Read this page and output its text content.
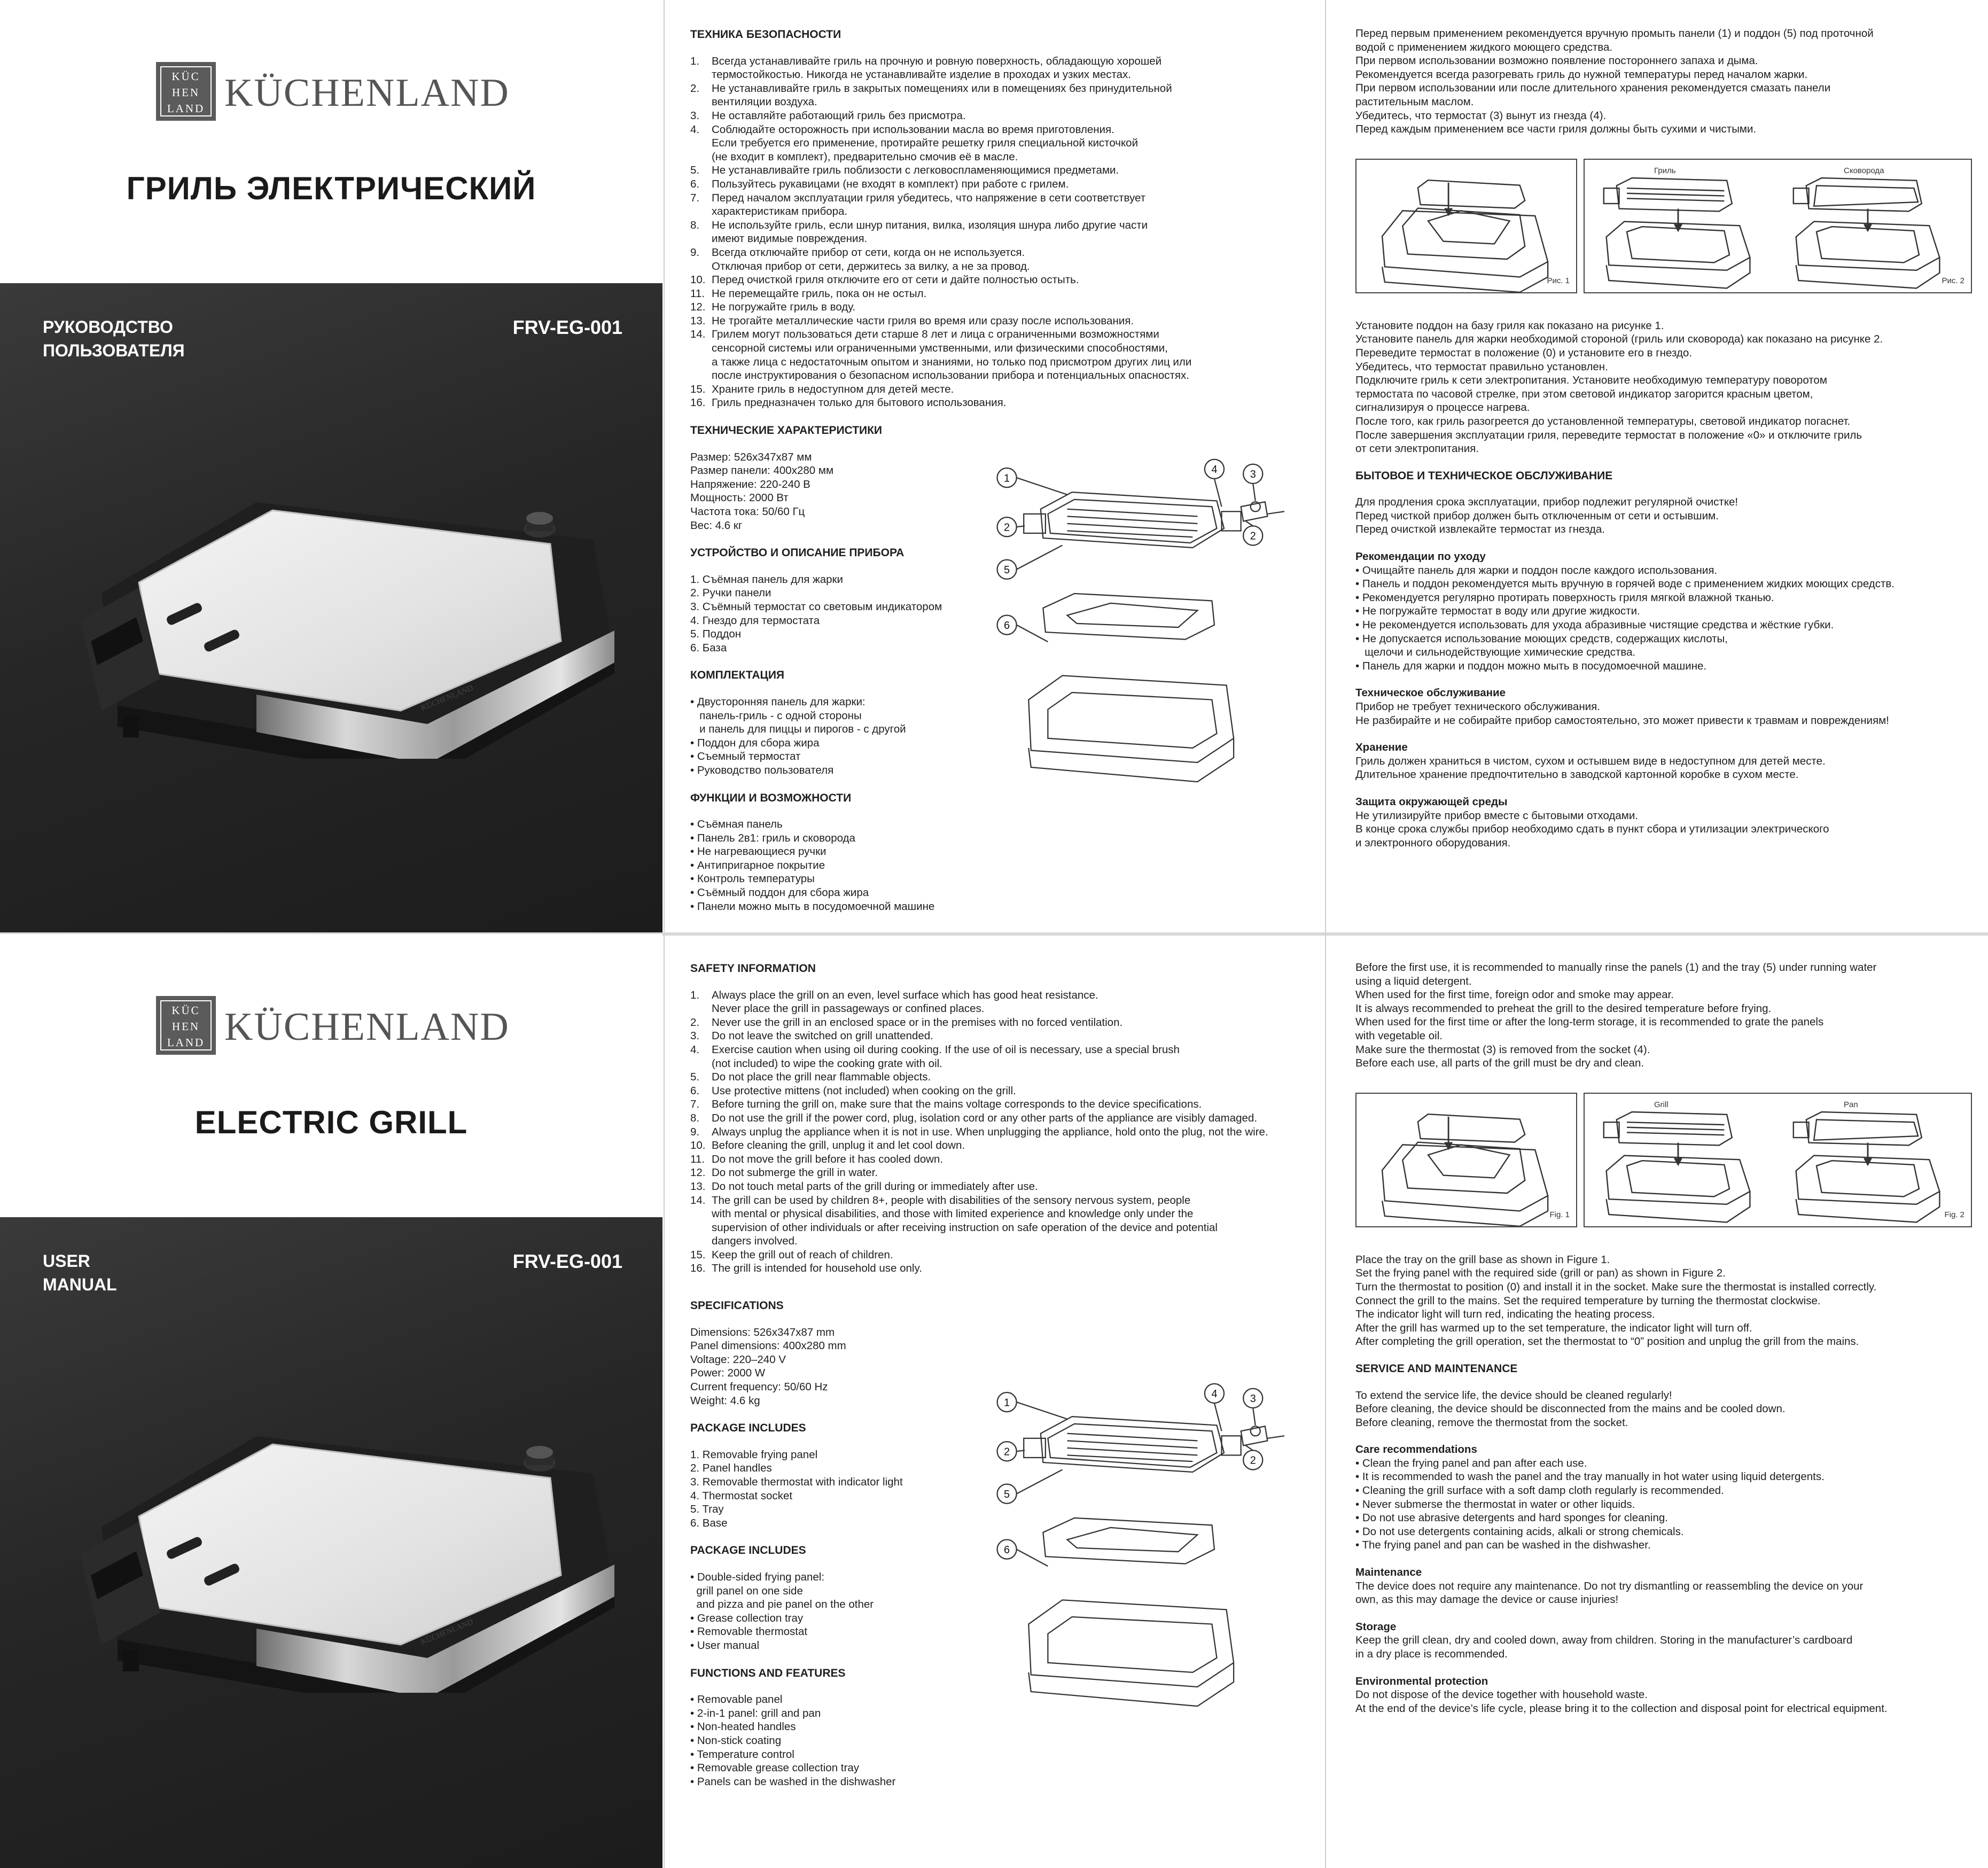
KÜC
HEN
LAND KÜCHENLAND
ГРИЛЬ ЭЛЕКТРИЧЕСКИЙ
РУКОВОДСТВО
ПОЛЬЗОВАТЕЛЯ
FRV-EG-001
KÜCHENLAND
ТЕХНИКА БЕЗОПАСНОСТИ
1. Всегда устанавливайте гриль на прочную и ровную поверхность, обладающую хорошей
термостойкостью. Никогда не устанавливайте изделие в проходах и узких местах.
2. Не устанавливайте гриль в закрытых помещениях или в помещениях без принудительной
вентиляции воздуха.
3. Не оставляйте работающий гриль без присмотра.
4. Соблюдайте осторожность при использовании масла во время приготовления.
Если требуется его применение, протирайте решетку гриля специальной кисточкой
(не входит в комплект), предварительно смочив её в масле.
5. Не устанавливайте гриль поблизости с легковоспламеняющимися предметами.
6. Пользуйтесь рукавицами (не входят в комплект) при работе с грилем.
7. Перед началом эксплуатации гриля убедитесь, что напряжение в сети соответствует
характеристикам прибора.
8. Не используйте гриль, если шнур питания, вилка, изоляция шнура либо другие части
имеют видимые повреждения.
9. Всегда отключайте прибор от сети, когда он не используется.
Отключая прибор от сети, держитесь за вилку, а не за провод.
10. Перед очисткой гриля отключите его от сети и дайте полностью остыть.
11. Не перемещайте гриль, пока он не остыл.
12. Не погружайте гриль в воду.
13. Не трогайте металлические части гриля во время или сразу после использования.
14. Грилем могут пользоваться дети старше 8 лет и лица с ограниченными возможностями
сенсорной системы или ограниченными умственными, или физическими способностями,
а также лица с недостаточным опытом и знаниями, но только под присмотром других лиц или
после инструктирования о безопасном использовании прибора и потенциальных опасностях.
15. Храните гриль в недоступном для детей месте.
16. Гриль предназначен только для бытового использования.
1
2
2
3
4
5
6
ТЕХНИЧЕСКИЕ ХАРАКТЕРИСТИКИ
Размер: 526x347x87 мм
Размер панели: 400x280 мм
Напряжение: 220-240 В
Мощность: 2000 Вт
Частота тока: 50/60 Гц
Вес: 4.6 кг
УСТРОЙСТВО И ОПИСАНИЕ ПРИБОРА
1. Съёмная панель для жарки
2. Ручки панели
3. Съёмный термостат со световым индикатором
4. Гнездо для термостата
5. Поддон
6. База
КОМПЛЕКТАЦИЯ
• Двусторонняя панель для жарки:
панель-гриль - с одной стороны
и панель для пиццы и пирогов - с другой
• Поддон для сбора жира
• Съемный термостат
• Руководство пользователя
ФУНКЦИИ И ВОЗМОЖНОСТИ
• Съёмная панель
• Панель 2в1: гриль и сковорода
• Не нагревающиеся ручки
• Антипригарное покрытие
• Контроль температуры
• Съёмный поддон для сбора жира
• Панели можно мыть в посудомоечной машине
Перед первым применением рекомендуется вручную промыть панели (1) и поддон (5) под проточной
водой с применением жидкого моющего средства.
При первом использовании возможно появление постороннего запаха и дыма.
Рекомендуется всегда разогревать гриль до нужной температуры перед началом жарки.
При первом использовании или после длительного хранения рекомендуется смазать панели
растительным маслом.
Убедитесь, что термостат (3) вынут из гнезда (4).
Перед каждым применением все части гриля должны быть сухими и чистыми.
Рис. 1
Гриль	Сковорода
Рис. 2
Установите поддон на базу гриля как показано на рисунке 1.
Установите панель для жарки необходимой стороной (гриль или сковорода) как показано на рисунке 2.
Переведите термостат в положение (0) и установите его в гнездо.
Убедитесь, что термостат правильно установлен.
Подключите гриль к сети электропитания. Установите необходимую температуру поворотом
термостата по часовой стрелке, при этом световой индикатор загорится красным цветом,
сигнализируя о процессе нагрева.
После того, как гриль разогреется до установленной температуры, световой индикатор погаснет.
После завершения эксплуатации гриля, переведите термостат в положение «0» и отключите гриль
от сети электропитания.
БЫТОВОЕ И ТЕХНИЧЕСКОЕ ОБСЛУЖИВАНИЕ
Для продления срока эксплуатации, прибор подлежит регулярной очистке!
Перед чисткой прибор должен быть отключенным от сети и остывшим.
Перед очисткой извлекайте термостат из гнезда.
Рекомендации по уходу
• Очищайте панель для жарки и поддон после каждого использования.
• Панель и поддон рекомендуется мыть вручную в горячей воде с применением жидких моющих средств.
• Рекомендуется регулярно протирать поверхность гриля мягкой влажной тканью.
• Не погружайте термостат в воду или другие жидкости.
• Не рекомендуется использовать для ухода абразивные чистящие средства и жёсткие губки.
• Не допускается использование моющих средств, содержащих кислоты,
щелочи и сильнодействующие химические средства.
• Панель для жарки и поддон можно мыть в посудомоечной машине.
Техническое обслуживание
Прибор не требует технического обслуживания.
Не разбирайте и не собирайте прибор самостоятельно, это может привести к травмам и повреждениям!
Хранение
Гриль должен храниться в чистом, сухом и остывшем виде в недоступном для детей месте.
Длительное хранение предпочтительно в заводской картонной коробке в сухом месте.
Защита окружающей среды
Не утилизируйте прибор вместе с бытовыми отходами.
В конце срока службы прибор необходимо сдать в пункт сбора и утилизации электрического
и электронного оборудования.
KÜC
HEN
LAND KÜCHENLAND
ELECTRIC GRILL
USER
MANUAL
FRV-EG-001
KÜCHENLAND
SAFETY INFORMATION
1. Always place the grill on an even, level surface which has good heat resistance.
Never place the grill in passageways or confined places.
2. Never use the grill in an enclosed space or in the premises with no forced ventilation.
3. Do not leave the switched on grill unattended.
4. Exercise caution when using oil during cooking. If the use of oil is necessary, use a special brush
(not included) to wipe the cooking grate with oil.
5. Do not place the grill near flammable objects.
6. Use protective mittens (not included) when cooking on the grill.
7. Before turning the grill on, make sure that the mains voltage corresponds to the device specifications.
8. Do not use the grill if the power cord, plug, isolation cord or any other parts of the appliance are visibly damaged.
9. Always unplug the appliance when it is not in use. When unplugging the appliance, hold onto the plug, not the wire.
10. Before cleaning the grill, unplug it and let cool down.
11. Do not move the grill before it has cooled down.
12. Do not submerge the grill in water.
13. Do not touch metal parts of the grill during or immediately after use.
14. The grill can be used by children 8+, people with disabilities of the sensory nervous system, people
with mental or physical disabilities, and those with limited experience and knowledge only under the
supervision of other individuals or after receiving instruction on safe operation of the device and potential
dangers involved.
15. Keep the grill out of reach of children.
16. The grill is intended for household use only.
1
2
2
3
4
5
6
SPECIFICATIONS
Dimensions: 526x347x87 mm
Panel dimensions: 400x280 mm
Voltage: 220–240 V
Power: 2000 W
Current frequency: 50/60 Hz
Weight: 4.6 kg
PACKAGE INCLUDES
1. Removable frying panel
2. Panel handles
3. Removable thermostat with indicator light
4. Thermostat socket
5. Tray
6. Base
PACKAGE INCLUDES
• Double-sided frying panel:
grill panel on one side
and pizza and pie panel on the other
• Grease collection tray
• Removable thermostat
• User manual
FUNCTIONS AND FEATURES
• Removable panel
• 2-in-1 panel: grill and pan
• Non-heated handles
• Non-stick coating
• Temperature control
• Removable grease collection tray
• Panels can be washed in the dishwasher
Before the first use, it is recommended to manually rinse the panels (1) and the tray (5) under running water
using a liquid detergent.
When used for the first time, foreign odor and smoke may appear.
It is always recommended to preheat the grill to the desired temperature before frying.
When used for the first time or after the long-term storage, it is recommended to grate the panels
with vegetable oil.
Make sure the thermostat (3) is removed from the socket (4).
Before each use, all parts of the grill must be dry and clean.
Fig. 1
Grill	Pan
Fig. 2
Place the tray on the grill base as shown in Figure 1.
Set the frying panel with the required side (grill or pan) as shown in Figure 2.
Turn the thermostat to position (0) and install it in the socket. Make sure the thermostat is installed correctly.
Connect the grill to the mains. Set the required temperature by turning the thermostat clockwise.
The indicator light will turn red, indicating the heating process.
After the grill has warmed up to the set temperature, the indicator light will turn off.
After completing the grill operation, set the thermostat to “0” position and unplug the grill from the mains.
SERVICE AND MAINTENANCE
To extend the service life, the device should be cleaned regularly!
Before cleaning, the device should be disconnected from the mains and be cooled down.
Before cleaning, remove the thermostat from the socket.
Care recommendations
• Clean the frying panel and pan after each use.
• It is recommended to wash the panel and the tray manually in hot water using liquid detergents.
• Cleaning the grill surface with a soft damp cloth regularly is recommended.
• Never submerse the thermostat in water or other liquids.
• Do not use abrasive detergents and hard sponges for cleaning.
• Do not use detergents containing acids, alkali or strong chemicals.
• The frying panel and pan can be washed in the dishwasher.
Maintenance
The device does not require any maintenance. Do not try dismantling or reassembling the device on your
own, as this may damage the device or cause injuries!
Storage
Keep the grill clean, dry and cooled down, away from children. Storing in the manufacturer’s cardboard
in a dry place is recommended.
Environmental protection
Do not dispose of the device together with household waste.
At the end of the device’s life cycle, please bring it to the collection and disposal point for electrical equipment.
